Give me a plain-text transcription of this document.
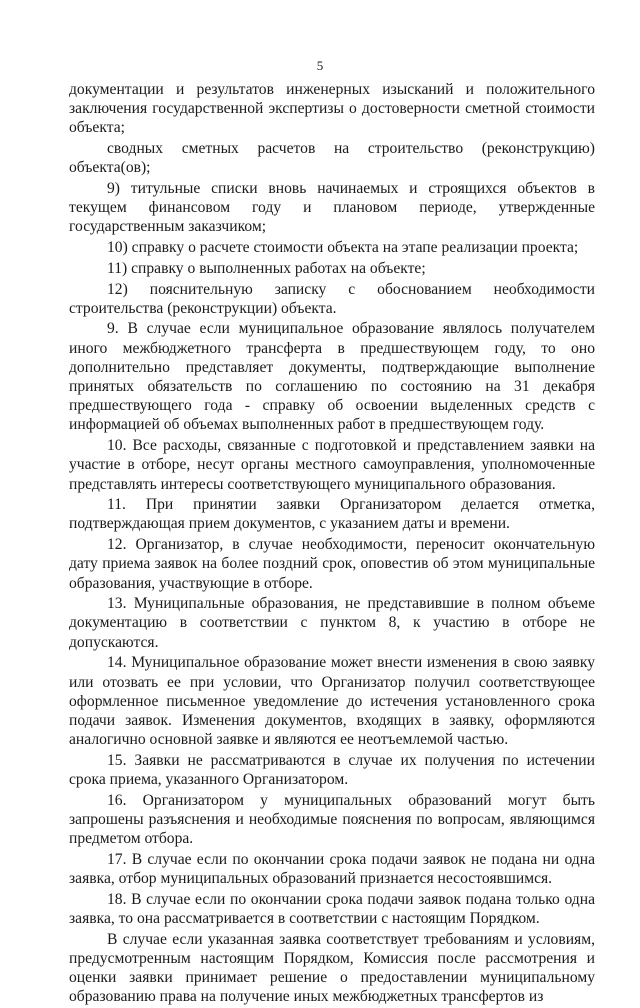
5

документации и результатов инженерных изысканий и положительного заключения государственной экспертизы о достоверности сметной стоимости объекта;

сводных сметных расчетов на строительство (реконструкцию) объекта(ов);

9) титульные списки вновь начинаемых и строящихся объектов в текущем финансовом году и плановом периоде, утвержденные государственным заказчиком;

10) справку о расчете стоимости объекта на этапе реализации проекта;

11) справку о выполненных работах на объекте;

12) пояснительную записку с обоснованием необходимости строительства (реконструкции) объекта.

9. В случае если муниципальное образование являлось получателем иного межбюджетного трансферта в предшествующем году, то оно дополнительно представляет документы, подтверждающие выполнение принятых обязательств по соглашению по состоянию на 31 декабря предшествующего года - справку об освоении выделенных средств с информацией об объемах выполненных работ в предшествующем году.

10. Все расходы, связанные с подготовкой и представлением заявки на участие в отборе, несут органы местного самоуправления, уполномоченные представлять интересы соответствующего муниципального образования.

11. При принятии заявки Организатором делается отметка, подтверждающая прием документов, с указанием даты и времени.

12. Организатор, в случае необходимости, переносит окончательную дату приема заявок на более поздний срок, оповестив об этом муниципальные образования, участвующие в отборе.

13. Муниципальные образования, не представившие в полном объеме документацию в соответствии с пунктом 8, к участию в отборе не допускаются.

14. Муниципальное образование может внести изменения в свою заявку или отозвать ее при условии, что Организатор получил соответствующее оформленное письменное уведомление до истечения установленного срока подачи заявок. Изменения документов, входящих в заявку, оформляются аналогично основной заявке и являются ее неотъемлемой частью.

15. Заявки не рассматриваются в случае их получения по истечении срока приема, указанного Организатором.

16. Организатором у муниципальных образований могут быть запрошены разъяснения и необходимые пояснения по вопросам, являющимся предметом отбора.

17. В случае если по окончании срока подачи заявок не подана ни одна заявка, отбор муниципальных образований признается несостоявшимся.

18. В случае если по окончании срока подачи заявок подана только одна заявка, то она рассматривается в соответствии с настоящим Порядком.

В случае если указанная заявка соответствует требованиям и условиям, предусмотренным настоящим Порядком, Комиссия после рассмотрения и оценки заявки принимает решение о предоставлении муниципальному образованию права на получение иных межбюджетных трансфертов из
